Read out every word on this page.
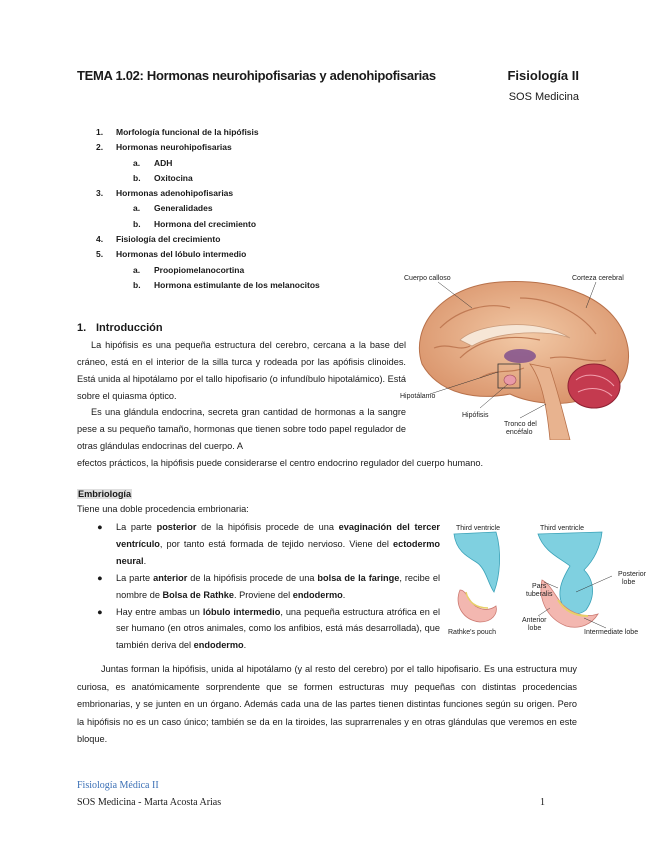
TEMA 1.02: Hormonas neurohipofisarias y adenohipofisarias	Fisiología II
SOS Medicina
1.	Morfología funcional de la hipófisis
2.	Hormonas neurohipofisarias
a.	ADH
b.	Oxitocina
3.	Hormonas adenohipofisarias
a.	Generalidades
b.	Hormona del crecimiento
4.	Fisiología del crecimiento
5.	Hormonas del lóbulo intermedio
a.	Proopiomelanocortina
b.	Hormona estimulante de los melanocitos
1. Introducción
La hipófisis es una pequeña estructura del cerebro, cercana a la base del cráneo, está en el interior de la silla turca y rodeada por las apófisis clinoides. Está unida al hipotálamo por el tallo hipofisario (o infundíbulo hipotalámico). Está sobre el quiasma óptico.
Es una glándula endocrina, secreta gran cantidad de hormonas a la sangre pese a su pequeño tamaño, hormonas que tienen sobre todo papel regulador de otras glándulas endocrinas del cuerpo. A
efectos prácticos, la hipófisis puede considerarse el centro endocrino regulador del cuerpo humano.
Cuerpo calloso	Corteza cerebral
Hipotálamo
Hipófisis
Tronco del
encéfalo
Embriología
Tiene una doble procedencia embrionaria:
● La parte posterior de la hipófisis procede de una evaginación del tercer ventrículo, por tanto está formada de tejido nervioso. Viene del ectodermo neural.
● La parte anterior de la hipófisis procede de una bolsa de la faringe, recibe el nombre de Bolsa de Rathke. Proviene del endodermo.
● Hay entre ambas un lóbulo intermedio, una pequeña estructura atrófica en el ser humano (en otros animales, como los anfibios, está más desarrollada), que también deriva del endodermo.
Third ventricle	Third ventricle
Pars
tuberalis
Posterior
lobe
Anterior
lobe
Rathke's pouch	Intermediate lobe
Juntas forman la hipófisis, unida al hipotálamo (y al resto del cerebro) por el tallo hipofisario. Es una estructura muy curiosa, es anatómicamente sorprendente que se formen estructuras muy pequeñas con distintas procedencias embrionarias, y se junten en un órgano. Además cada una de las partes tienen distintas funciones según su origen. Pero la hipófisis no es un caso único; también se da en la tiroides, las suprarrenales y en otras glándulas que veremos en este bloque.
Fisiología Médica II
SOS Medicina - Marta Acosta Arias	1
